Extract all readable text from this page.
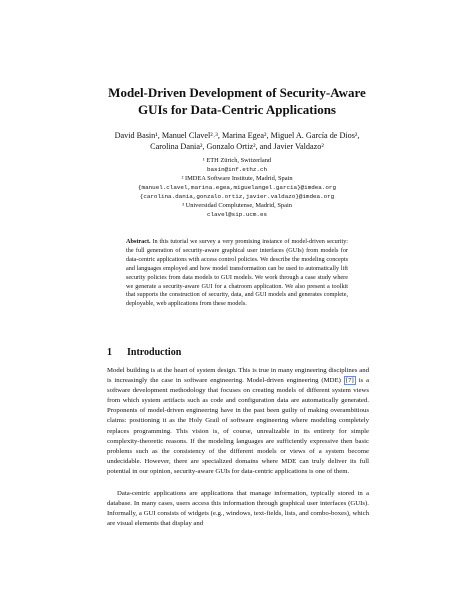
Model-Driven Development of Security-Aware
GUIs for Data-Centric Applications
David Basin¹, Manuel Clavel²˒³, Marina Egea², Miguel A. García de Dios²,
Carolina Dania², Gonzalo Ortiz², and Javier Valdazo²
¹ ETH Zürich, Switzerland
basin@inf.ethz.ch
² IMDEA Software Institute, Madrid, Spain
{manuel.clavel,marina.egea,miguelangel.garcia}@imdea.org
{carolina.dania,gonzalo.ortiz,javier.valdazo}@imdea.org
³ Universidad Complutense, Madrid, Spain
clavel@sip.ucm.es
Abstract. In this tutorial we survey a very promising instance of model-driven security: the full generation of security-aware graphical user interfaces (GUIs) from models for data-centric applications with access control policies. We describe the modeling concepts and languages employed and how model transformation can be used to automatically lift security policies from data models to GUI models. We work through a case study where we generate a security-aware GUI for a chatroom application. We also present a toolkit that supports the construction of security, data, and GUI models and generates complete, deployable, web applications from these models.
1 Introduction
Model building is at the heart of system design. This is true in many engineering disciplines and is increasingly the case in software engineering. Model-driven engineering (MDE) [7] is a software development methodology that focuses on creating models of different system views from which system artifacts such as code and configuration data are automatically generated. Proponents of model-driven engineering have in the past been guilty of making overambitious claims: positioning it as the Holy Grail of software engineering where modeling completely replaces programming. This vision is, of course, unrealizable in its entirety for simple complexity-theoretic reasons. If the modeling languages are sufficiently expressive then basic problems such as the consistency of the different models or views of a system become undecidable. However, there are specialized domains where MDE can truly deliver its full potential in our opinion, security-aware GUIs for data-centric applications is one of them.
Data-centric applications are applications that manage information, typically stored in a database. In many cases, users access this information through graphical user interfaces (GUIs). Informally, a GUI consists of widgets (e.g., windows, text-fields, lists, and combo-boxes), which are visual elements that display and
